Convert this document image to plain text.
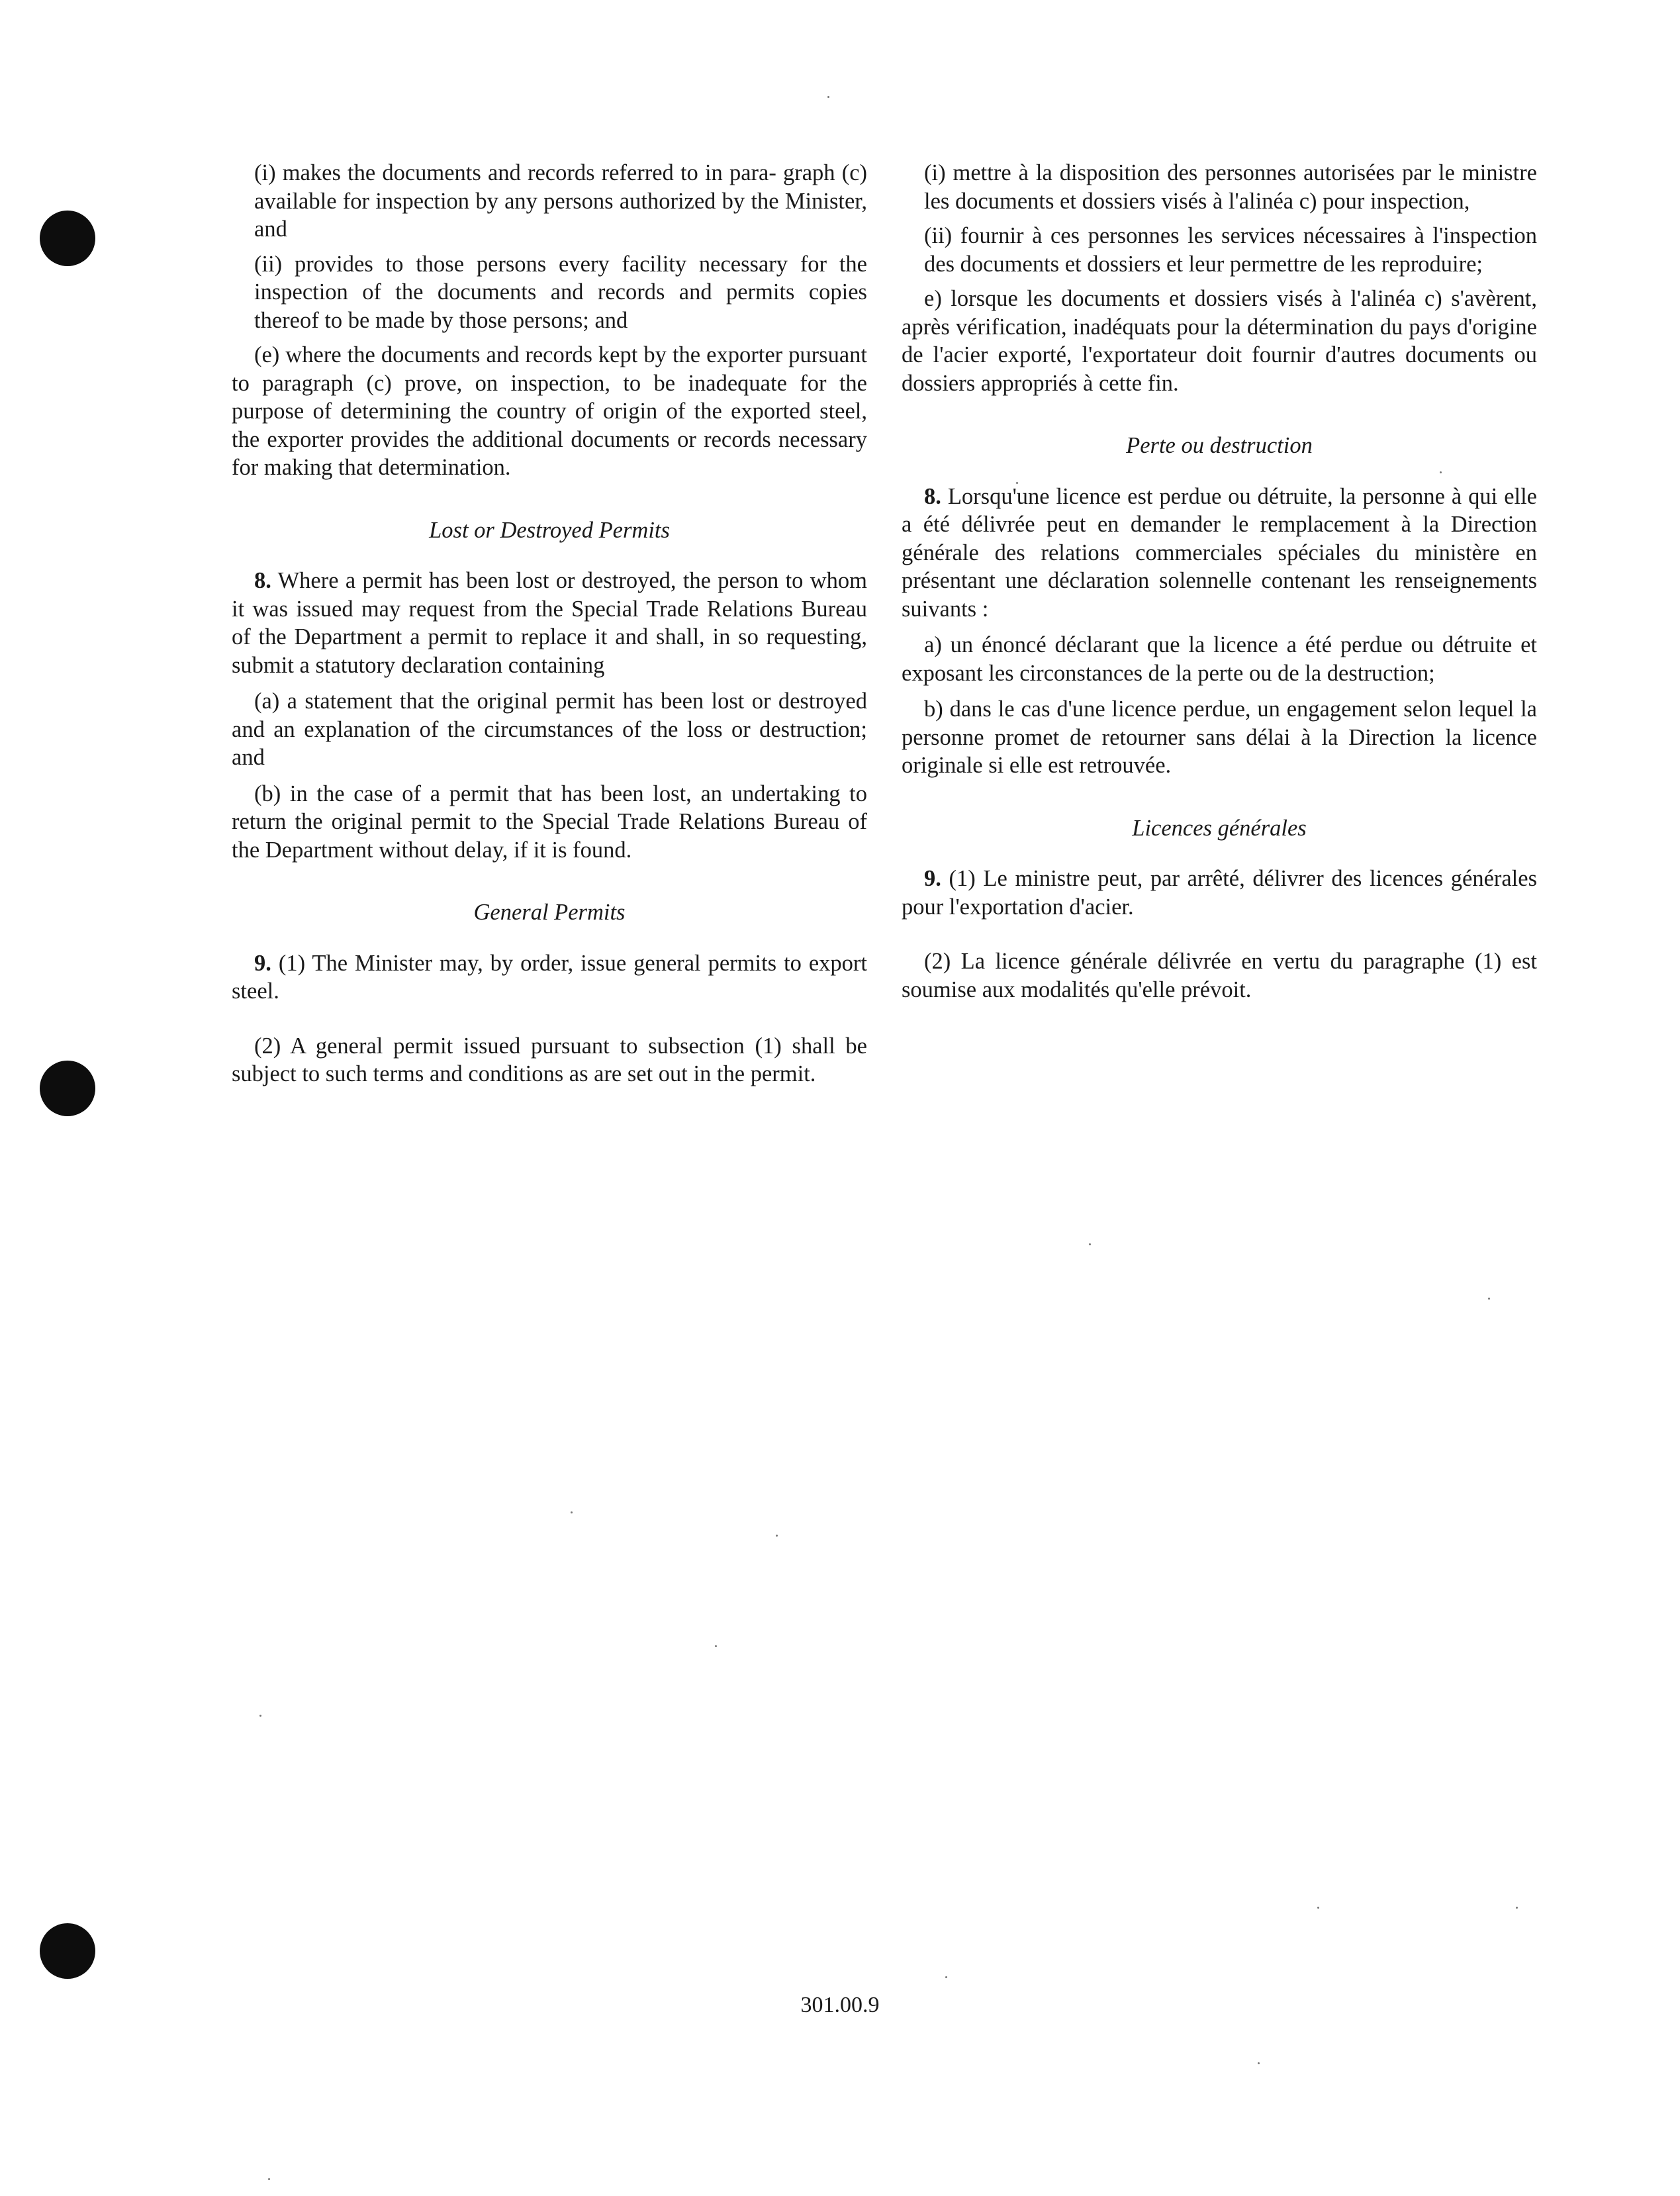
(i) makes the documents and records referred to in para- graph (c) available for inspection by any persons authorized by the Minister, and

(ii) provides to those persons every facility necessary for the inspection of the documents and records and permits copies thereof to be made by those persons; and

(e) where the documents and records kept by the exporter pursuant to paragraph (c) prove, on inspection, to be inadequate for the purpose of determining the country of origin of the exported steel, the exporter provides the additional documents or records necessary for making that determination.

Lost or Destroyed Permits

8. Where a permit has been lost or destroyed, the person to whom it was issued may request from the Special Trade Relations Bureau of the Department a permit to replace it and shall, in so requesting, submit a statutory declaration containing

(a) a statement that the original permit has been lost or destroyed and an explanation of the circumstances of the loss or destruction; and

(b) in the case of a permit that has been lost, an undertaking to return the original permit to the Special Trade Relations Bureau of the Department without delay, if it is found.

General Permits

9. (1) The Minister may, by order, issue general permits to export steel.

(2) A general permit issued pursuant to subsection (1) shall be subject to such terms and conditions as are set out in the permit.

(i) mettre à la disposition des personnes autorisées par le ministre les documents et dossiers visés à l'alinéa c) pour inspection,

(ii) fournir à ces personnes les services nécessaires à l'inspection des documents et dossiers et leur permettre de les reproduire;

e) lorsque les documents et dossiers visés à l'alinéa c) s'avèrent, après vérification, inadéquats pour la détermination du pays d'origine de l'acier exporté, l'exportateur doit fournir d'autres documents ou dossiers appropriés à cette fin.

Perte ou destruction

8. Lorsqu'une licence est perdue ou détruite, la personne à qui elle a été délivrée peut en demander le remplacement à la Direction générale des relations commerciales spéciales du ministère en présentant une déclaration solennelle contenant les renseignements suivants :

a) un énoncé déclarant que la licence a été perdue ou détruite et exposant les circonstances de la perte ou de la destruction;

b) dans le cas d'une licence perdue, un engagement selon lequel la personne promet de retourner sans délai à la Direction la licence originale si elle est retrouvée.

Licences générales

9. (1) Le ministre peut, par arrêté, délivrer des licences générales pour l'exportation d'acier.

(2) La licence générale délivrée en vertu du paragraphe (1) est soumise aux modalités qu'elle prévoit.

301.00.9
